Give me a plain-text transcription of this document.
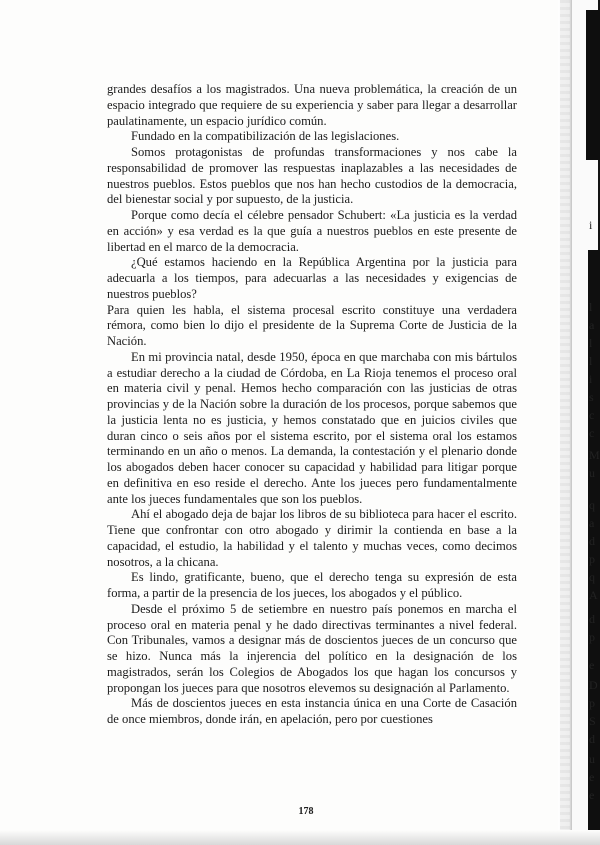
i
l
a
l
l
i
s
c
c
M
u
q
a
d
p
q
A
d
p
e
D
p
S
d
u
e
e

grandes desafíos a los magistrados. Una nueva problemática, la creación de un espacio integrado que requiere de su experiencia y saber para llegar a desarrollar paulatinamente, un espacio jurídico común.

Fundado en la compatibilización de las legislaciones.

Somos protagonistas de profundas transformaciones y nos cabe la responsabilidad de promover las respuestas inaplazables a las necesidades de nuestros pueblos. Estos pueblos que nos han hecho custodios de la democracia, del bienestar social y por supuesto, de la justicia.

Porque como decía el célebre pensador Schubert: «La justicia es la verdad en acción» y esa verdad es la que guía a nuestros pueblos en este presente de libertad en el marco de la democracia.

¿Qué estamos haciendo en la República Argentina por la justicia para adecuarla a los tiempos, para adecuarlas a las necesidades y exigencias de nuestros pueblos?

Para quien les habla, el sistema procesal escrito constituye una verdadera rémora, como bien lo dijo el presidente de la Suprema Corte de Justicia de la Nación.

En mi provincia natal, desde 1950, época en que marchaba con mis bártulos a estudiar derecho a la ciudad de Córdoba, en La Rioja tenemos el proceso oral en materia civil y penal. Hemos hecho comparación con las justicias de otras provincias y de la Nación sobre la duración de los procesos, porque sabemos que la justicia lenta no es justicia, y hemos constatado que en juicios civiles que duran cinco o seis años por el sistema escrito, por el sistema oral los estamos terminando en un año o menos. La demanda, la contestación y el plenario donde los abogados deben hacer conocer su capacidad y habilidad para litigar porque en definitiva en eso reside el derecho. Ante los jueces pero fundamentalmente ante los jueces fundamentales que son los pueblos.

Ahí el abogado deja de bajar los libros de su biblioteca para hacer el escrito. Tiene que confrontar con otro abogado y dirimir la contienda en base a la capacidad, el estudio, la habilidad y el talento y muchas veces, como decimos nosotros, a la chicana.

Es lindo, gratificante, bueno, que el derecho tenga su expresión de esta forma, a partir de la presencia de los jueces, los abogados y el público.

Desde el próximo 5 de setiembre en nuestro país ponemos en marcha el proceso oral en materia penal y he dado directivas terminantes a nivel federal. Con Tribunales, vamos a designar más de doscientos jueces de un concurso que se hizo. Nunca más la injerencia del político en la designación de los magistrados, serán los Colegios de Abogados los que hagan los concursos y propongan los jueces para que nosotros elevemos su designación al Parlamento.

Más de doscientos jueces en esta instancia única en una Corte de Casación de once miembros, donde irán, en apelación, pero por cuestiones

178
